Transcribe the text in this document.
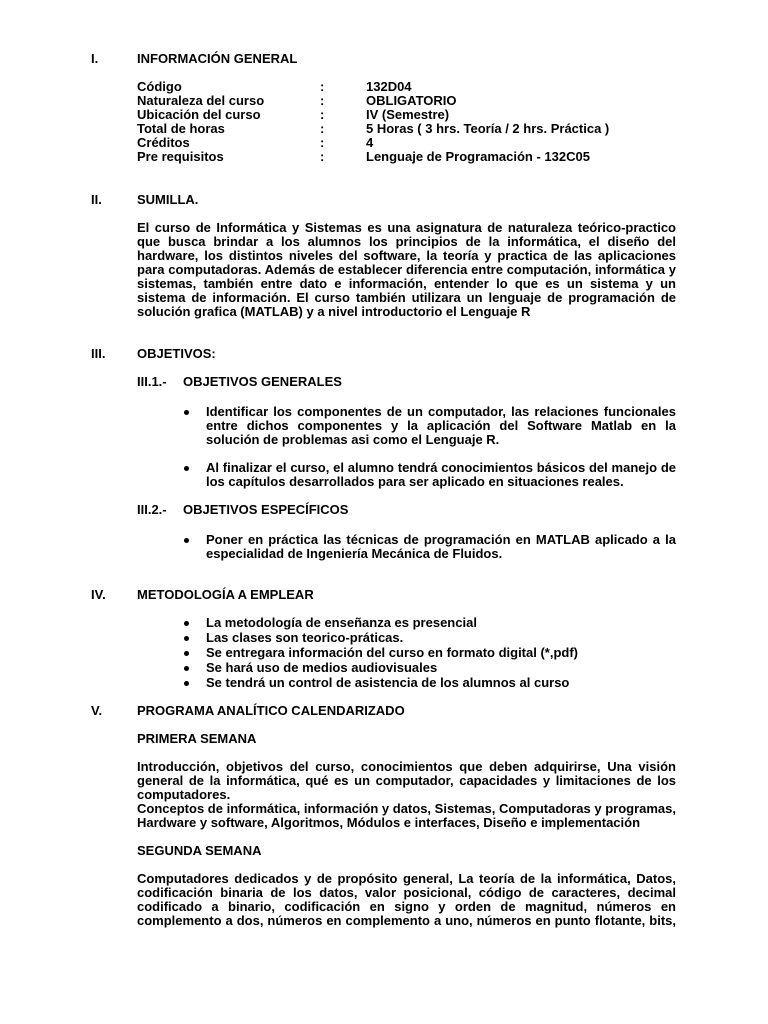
I.	INFORMACIÓN GENERAL
Código	:	132D04
Naturaleza del curso	:	OBLIGATORIO
Ubicación del curso	:	IV (Semestre)
Total de horas	:	5 Horas ( 3 hrs. Teoría / 2 hrs. Práctica )
Créditos	:	4
Pre requisitos	:	Lenguaje de Programación - 132C05
II.	SUMILLA.
El curso de Informática y Sistemas es una asignatura de naturaleza teórico-practico
que busca brindar a los alumnos los principios de la informática, el diseño del
hardware, los distintos niveles del software, la teoría y practica de las aplicaciones
para computadoras. Además de establecer diferencia entre computación, informática y
sistemas, también entre dato e información, entender lo que es un sistema y un
sistema de información. El curso también utilizara un lenguaje de programación de
solución grafica (MATLAB) y a nivel introductorio el Lenguaje R
III. OBJETIVOS:
III.1.- OBJETIVOS GENERALES
Identificar los componentes de un computador, las relaciones funcionales
entre dichos componentes y la aplicación del Software Matlab en la
solución de problemas asi como el Lenguaje R.
Al finalizar el curso, el alumno tendrá conocimientos básicos del manejo de
los capítulos desarrollados para ser aplicado en situaciones reales.
III.2.- OBJETIVOS ESPECÍFICOS
Poner en práctica las técnicas de programación en MATLAB aplicado a la
especialidad de Ingeniería Mecánica de Fluidos.
IV. METODOLOGÍA A EMPLEAR
La metodología de enseñanza es presencial
Las clases son teorico-práticas.
Se entregara información del curso en formato digital (*,pdf)
Se hará uso de medios audiovisuales
Se tendrá un control de asistencia de los alumnos al curso
V.	PROGRAMA ANALÍTICO CALENDARIZADO
PRIMERA SEMANA
Introducción, objetivos del curso, conocimientos que deben adquirirse, Una visión
general de la informática, qué es un computador, capacidades y limitaciones de los
computadores.
Conceptos de informática, información y datos, Sistemas, Computadoras y programas,
Hardware y software, Algoritmos, Módulos e interfaces, Diseño e implementación
SEGUNDA SEMANA
Computadores dedicados y de propósito general, La teoría de la informática, Datos,
codificación binaria de los datos, valor posicional, código de caracteres, decimal
codificado a binario, codificación en signo y orden de magnitud, números en
complemento a dos, números en complemento a uno, números en punto flotante, bits,
